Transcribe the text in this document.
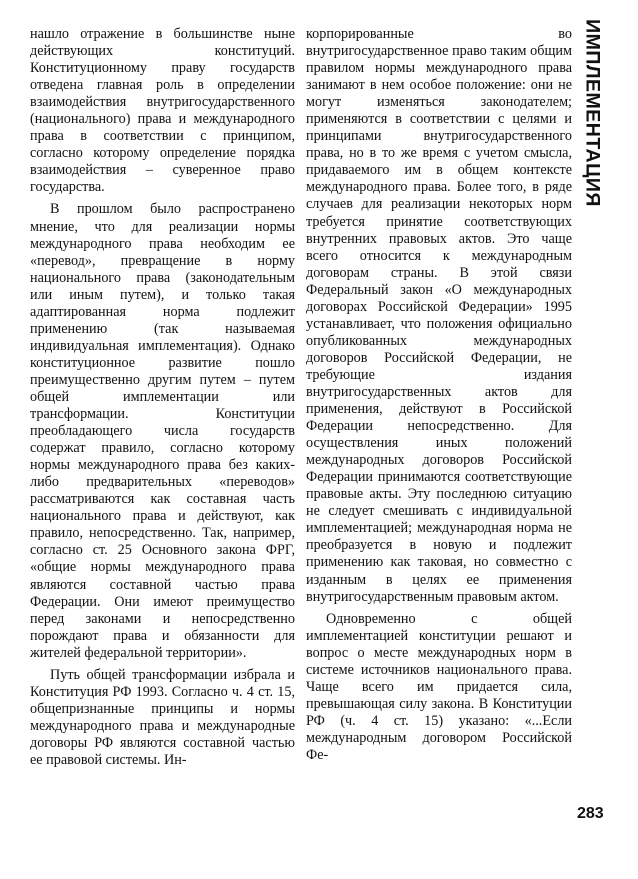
нашло отражение в большинстве ныне действующих конституций. Конституционному праву государств отведена главная роль в определении взаимодействия внутригосударственного (национального) права и международного права в соответствии с принципом, согласно которому определение порядка взаимодействия – суверенное право государства.

В прошлом было распространено мнение, что для реализации нормы международного права необходим ее «перевод», превращение в норму национального права (законодательным или иным путем), и только такая адаптированная норма подлежит применению (так называемая индивидуальная имплементация). Однако конституционное развитие пошло преимущественно другим путем – путем общей имплементации или трансформации. Конституции преобладающего числа государств содержат правило, согласно которому нормы международного права без каких-либо предварительных «переводов» рассматриваются как составная часть национального права и действуют, как правило, непосредственно. Так, например, согласно ст. 25 Основного закона ФРГ, «общие нормы международного права являются составной частью права Федерации. Они имеют преимущество перед законами и непосредственно порождают права и обязанности для жителей федеральной территории».

Путь общей трансформации избрала и Конституция РФ 1993. Согласно ч. 4 ст. 15, общепризнанные принципы и нормы международного права и международные договоры РФ являются составной частью ее правовой системы. Ин-

корпорированные во внутригосударственное право таким общим правилом нормы международного права занимают в нем особое положение: они не могут изменяться законодателем; применяются в соответствии с целями и принципами внутригосударственного права, но в то же время с учетом смысла, придаваемого им в общем контексте международного права. Более того, в ряде случаев для реализации некоторых норм требуется принятие соответствующих внутренних правовых актов. Это чаще всего относится к международным договорам страны. В этой связи Федеральный закон «О международных договорах Российской Федерации» 1995 устанавливает, что положения официально опубликованных международных договоров Российской Федерации, не требующие издания внутригосударственных актов для применения, действуют в Российской Федерации непосредственно. Для осуществления иных положений международных договоров Российской Федерации принимаются соответствующие правовые акты. Эту последнюю ситуацию не следует смешивать с индивидуальной имплементацией; международная норма не преобразуется в новую и подлежит применению как таковая, но совместно с изданным в целях ее применения внутригосударственным правовым актом.

Одновременно с общей имплементацией конституции решают и вопрос о месте международных норм в системе источников национального права. Чаще всего им придается сила, превышающая силу закона. В Конституции РФ (ч. 4 ст. 15) указано: «...Если международным договором Российской Фе-

ИМПЛЕМЕНТАЦИЯ
283
